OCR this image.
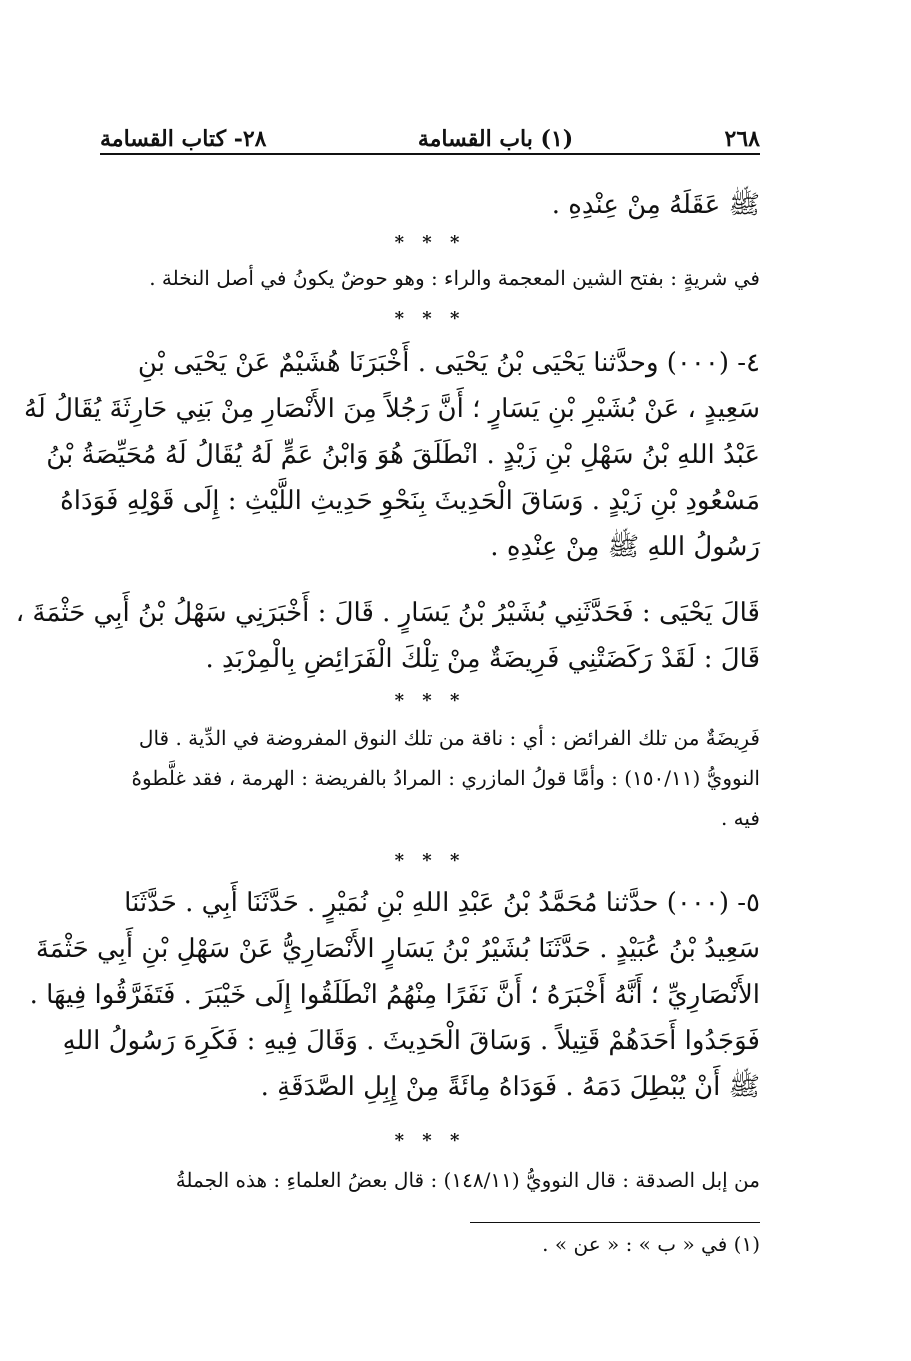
٢٦٨
(١) باب القسامة
٢٨- كتاب القسامة
ﷺ عَقَلَهُ مِنْ عِنْدِهِ .
* * *
في شريةٍ : بفتح الشين المعجمة والراء : وهو حوضٌ يكونُ في أصل النخلة .
* * *
٤- (٠٠٠) وحدَّثنا يَحْيَى بْنُ يَحْيَى . أَخْبَرَنَا هُشَيْمٌ عَنْ يَحْيَى بْنِ
سَعِيدٍ ، عَنْ بُشَيْرِ بْنِ يَسَارٍ ؛ أَنَّ رَجُلاً مِنَ الأَنْصَارِ مِنْ بَنِي حَارِثَةَ يُقَالُ لَهُ
عَبْدُ اللهِ بْنُ سَهْلِ بْنِ زَيْدٍ . انْطَلَقَ هُوَ وَابْنُ عَمٍّ لَهُ يُقَالُ لَهُ مُحَيِّصَةُ بْنُ
مَسْعُودِ بْنِ زَيْدٍ . وَسَاقَ الْحَدِيثَ بِنَحْوِ حَدِيثِ اللَّيْثِ : إِلَى قَوْلِهِ فَوَدَاهُ
رَسُولُ اللهِ ﷺ مِنْ عِنْدِهِ .
قَالَ يَحْيَى : فَحَدَّثَنِي بُشَيْرُ بْنُ يَسَارٍ . قَالَ : أَخْبَرَنِي سَهْلُ بْنُ أَبِي حَثْمَةَ ،
قَالَ : لَقَدْ رَكَضَتْنِي فَرِيضَةٌ مِنْ تِلْكَ الْفَرَائِضِ بِالْمِرْبَدِ .
* * *
فَرِيضَةٌ من تلك الفرائض : أي : ناقة من تلك النوق المفروضة في الدِّية . قال
النوويُّ (١٥٠/١١) : وأمَّا قولُ المازري : المرادُ بالفريضة : الهرمة ، فقد غلَّطوهُ
فيه .
* * *
٥- (٠٠٠) حدَّثنا مُحَمَّدُ بْنُ عَبْدِ اللهِ بْنِ نُمَيْرٍ . حَدَّثَنَا أَبِي . حَدَّثَنَا
سَعِيدُ بْنُ عُبَيْدٍ . حَدَّثَنَا بُشَيْرُ بْنُ يَسَارٍ الأَنْصَارِيُّ عَنْ سَهْلِ بْنِ أَبِي حَثْمَةَ
الأَنْصَارِيِّ ؛ أَنَّهُ أَخْبَرَهُ ؛ أَنَّ نَفَرًا مِنْهُمُ انْطَلَقُوا إِلَى خَيْبَرَ . فَتَفَرَّقُوا فِيهَا .
فَوَجَدُوا أَحَدَهُمْ قَتِيلاً . وَسَاقَ الْحَدِيثَ . وَقَالَ فِيهِ : فَكَرِهَ رَسُولُ اللهِ
ﷺ أَنْ يُبْطِلَ دَمَهُ . فَوَدَاهُ مِائَةً مِنْ إِبِلِ الصَّدَقَةِ .
* * *
من إبل الصدقة : قال النوويُّ (١٤٨/١١) : قال بعضُ العلماءِ : هذه الجملةُ
(١) في « ب » : « عن » .
